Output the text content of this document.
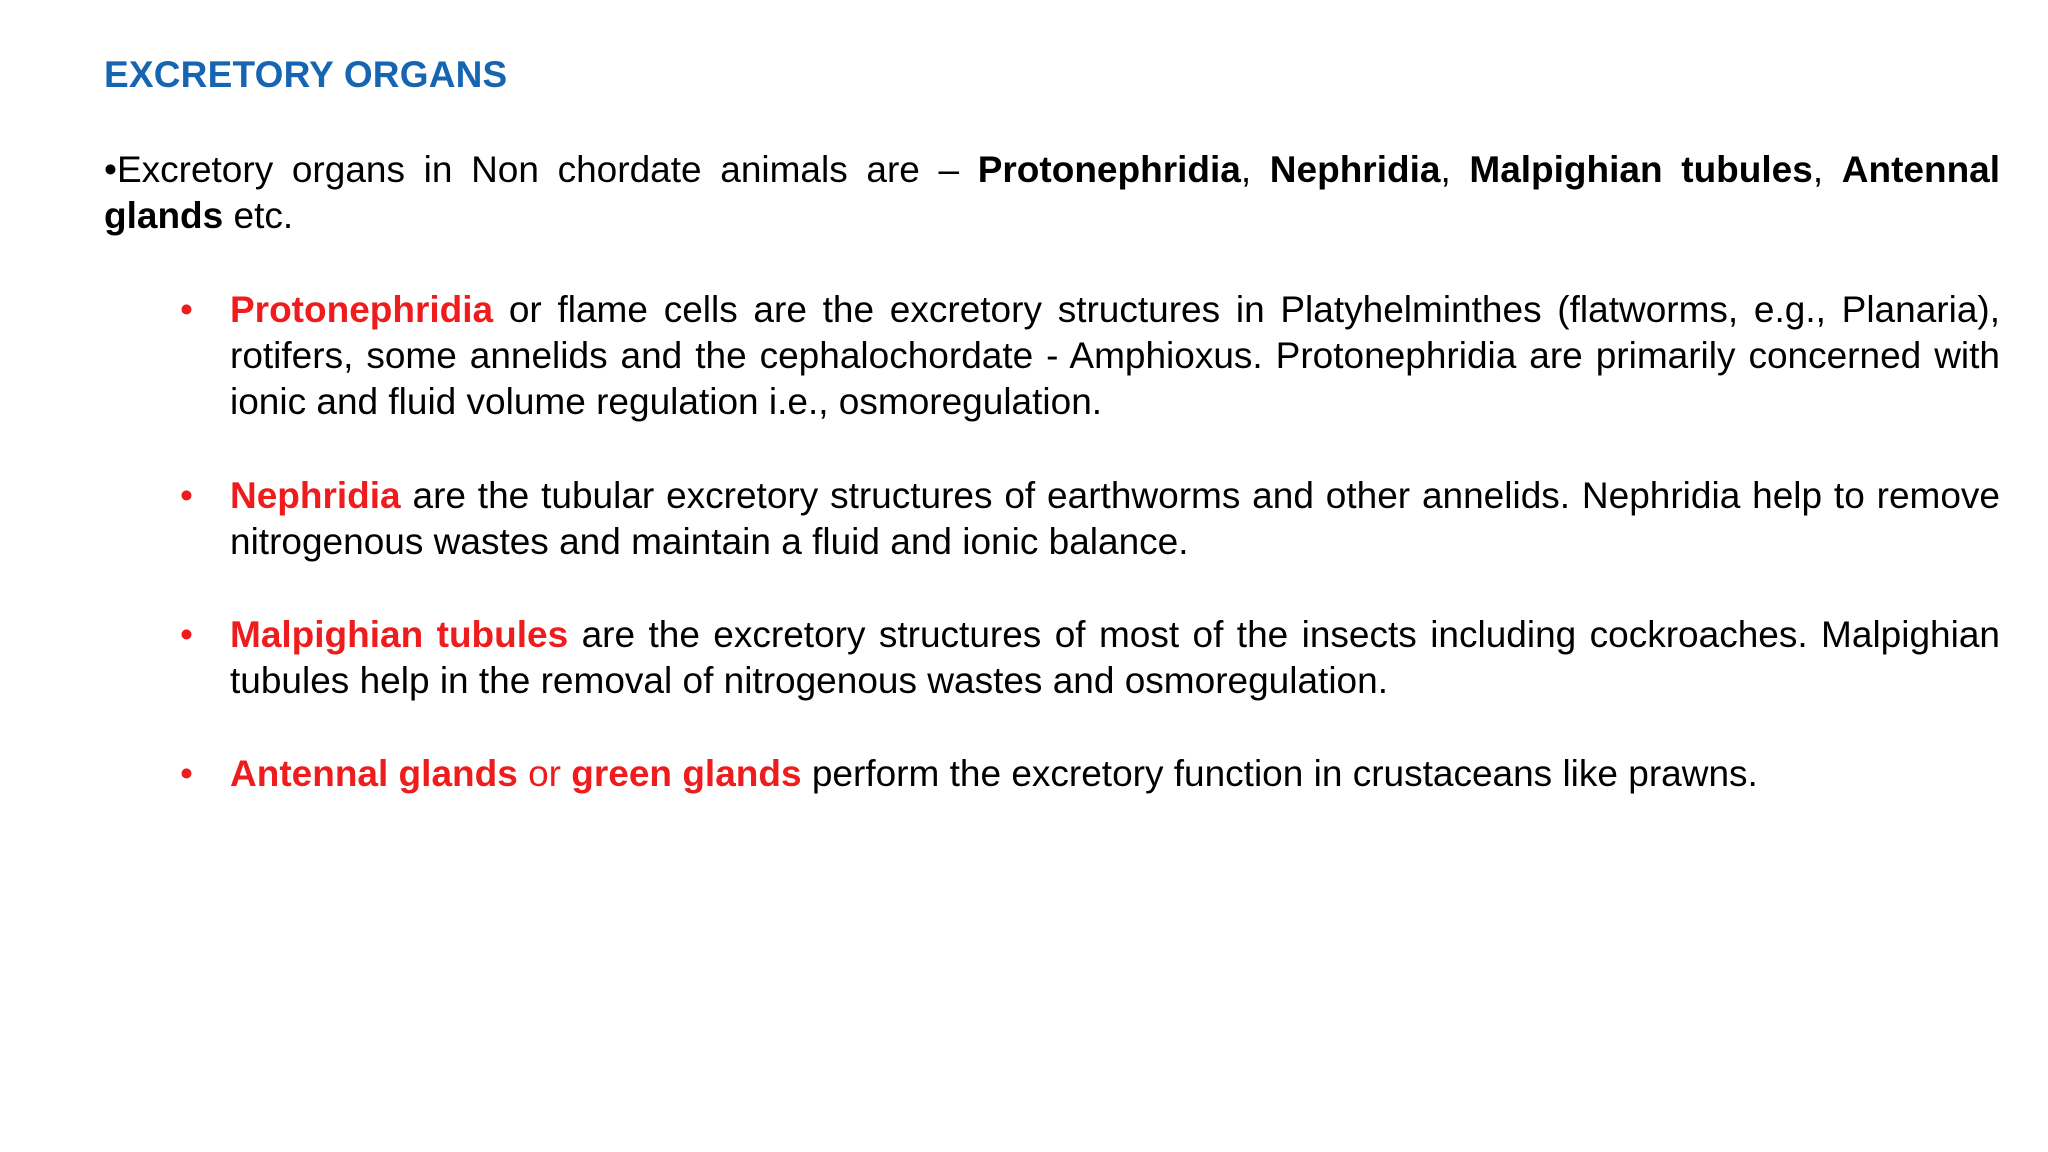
EXCRETORY ORGANS

•Excretory organs in Non chordate animals are – Protonephridia, Nephridia, Malpighian tubules, Antennal glands etc.

• Protonephridia or flame cells are the excretory structures in Platyhelminthes (flatworms, e.g., Planaria), rotifers, some annelids and the cephalochordate - Amphioxus. Protonephridia are primarily concerned with ionic and fluid volume regulation i.e., osmoregulation.
• Nephridia are the tubular excretory structures of earthworms and other annelids. Nephridia help to remove nitrogenous wastes and maintain a fluid and ionic balance.
• Malpighian tubules are the excretory structures of most of the insects including cockroaches. Malpighian tubules help in the removal of nitrogenous wastes and osmoregulation.
• Antennal glands or green glands perform the excretory function in crustaceans like prawns.
